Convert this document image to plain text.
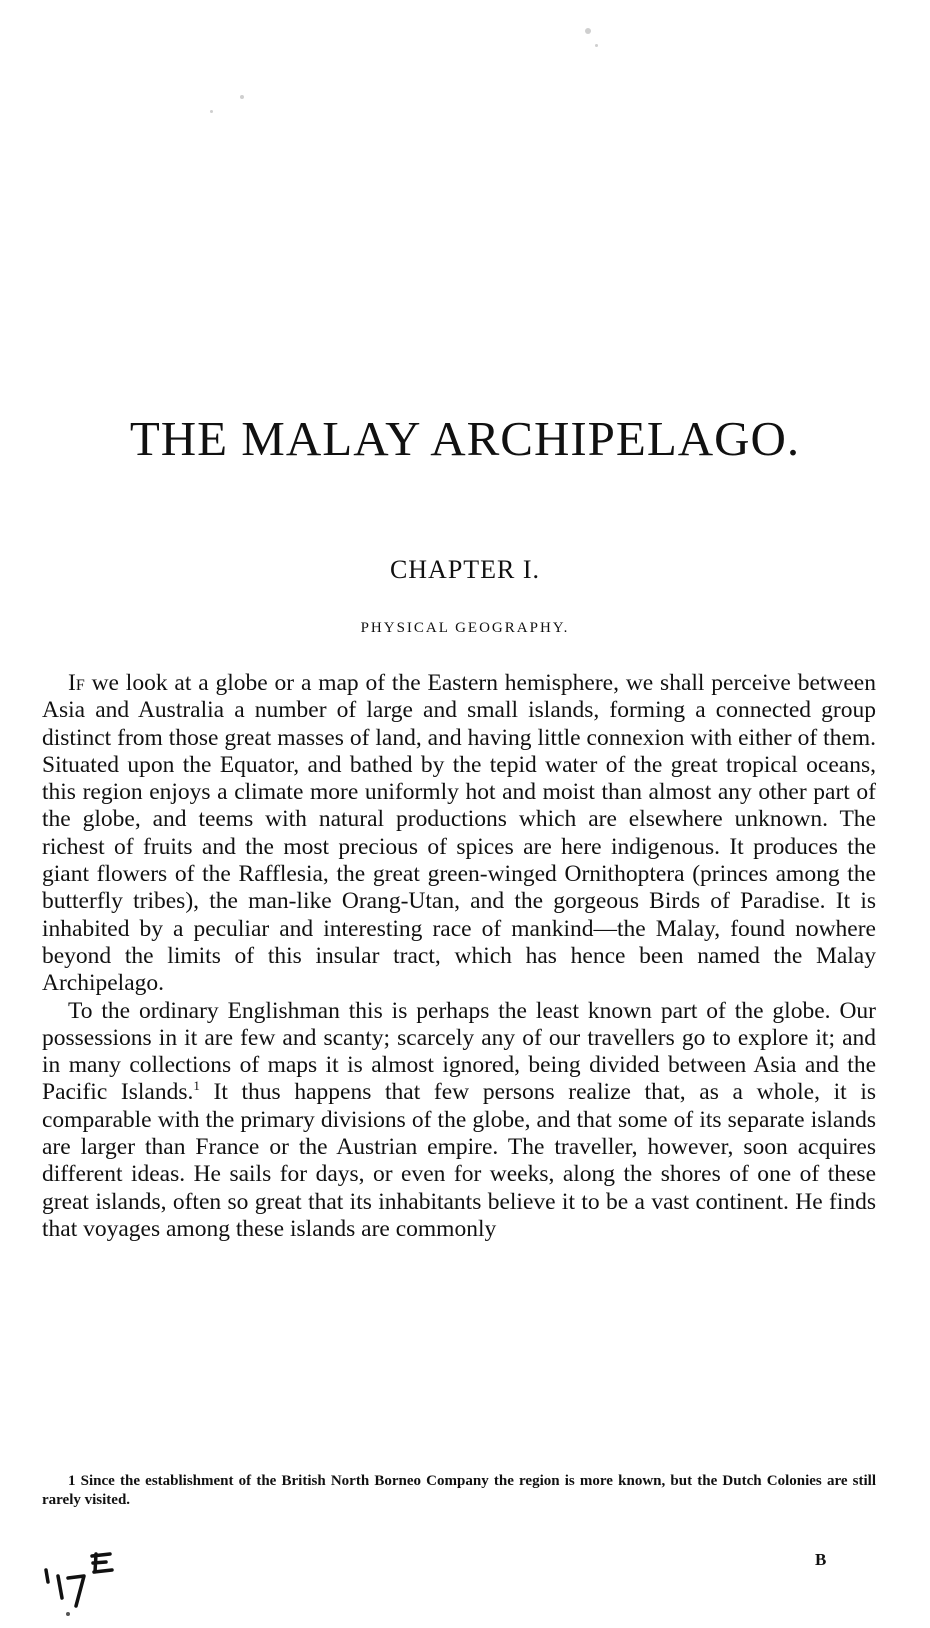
THE MALAY ARCHIPELAGO.
CHAPTER I.
PHYSICAL GEOGRAPHY.

If we look at a globe or a map of the Eastern hemisphere, we shall perceive between Asia and Australia a number of large and small islands, forming a connected group distinct from those great masses of land, and having little connexion with either of them. Situated upon the Equator, and bathed by the tepid water of the great tropical oceans, this region enjoys a climate more uniformly hot and moist than almost any other part of the globe, and teems with natural productions which are elsewhere unknown. The richest of fruits and the most precious of spices are here indigenous. It produces the giant flowers of the Rafflesia, the great green-winged Ornithoptera (princes among the butterfly tribes), the man-like Orang-Utan, and the gorgeous Birds of Paradise. It is inhabited by a peculiar and interesting race of mankind—the Malay, found nowhere beyond the limits of this insular tract, which has hence been named the Malay Archipelago.

To the ordinary Englishman this is perhaps the least known part of the globe. Our possessions in it are few and scanty; scarcely any of our travellers go to explore it; and in many collections of maps it is almost ignored, being divided between Asia and the Pacific Islands.$^1$ It thus happens that few persons realize that, as a whole, it is comparable with the primary divisions of the globe, and that some of its separate islands are larger than France or the Austrian empire. The traveller, however, soon acquires different ideas. He sails for days, or even for weeks, along the shores of one of these great islands, often so great that its inhabitants believe it to be a vast continent. He finds that voyages among these islands are commonly

1 Since the establishment of the British North Borneo Company the region is more known, but the Dutch Colonies are still rarely visited.
B
